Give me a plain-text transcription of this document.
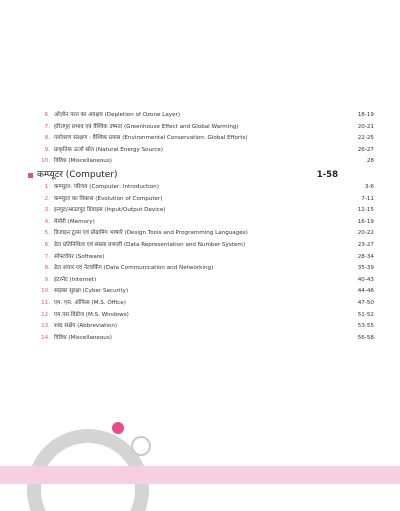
6. ओज़ोन परत का अवक्षय (Depletion of Ozone Layer)	18-19
7. हरितगृह प्रभाव एवं वैश्विक उष्मता (Greenhouse Effect and Global Warming)	20-21
8. पर्यावरण संरक्षण : वैश्विक प्रयास (Environmental Conservation: Global Efforts)	22-25
9. प्राकृतिक ऊर्जा स्रोत (Natural Energy Source)	26-27
10. विविध (Miscellaneous)	28
कम्प्यूटर (Computer)	1-58
1. कम्प्यूटर: परिचय (Computer: Introduction)	3-6
2. कम्प्यूटर का विकास (Evolution of Computer)	7-11
3. इनपुट/आउटपुट डिवाइस (Input/Output Device)	12-15
4. मेमोरी (Memory)	16-19
5. डिजाइन टूल्स एवं प्रोग्रामिंग भाषाएँ (Design Tools and Programming Languages)	20-22
6. डेटा प्रतिनिधित्व एवं संख्या प्रणाली (Data Representation and Number System)	23-27
7. सॉफ्टवेयर (Software)	28-34
8. डेटा संचार एवं नेटवर्किंग (Data Communication and Networking)	35-39
9. इंटरनेट (Internet)	40-43
10. साइबर सुरक्षा (Cyber Security)	44-46
11. एम. एस. ऑफिस (M.S. Office)	47-50
12. एम.एस.विंडोज (M.S. Windows)	51-52
13. शब्द संक्षेप (Abbreviation)	53-55
14. विविध (Miscellaneous)	56-58
